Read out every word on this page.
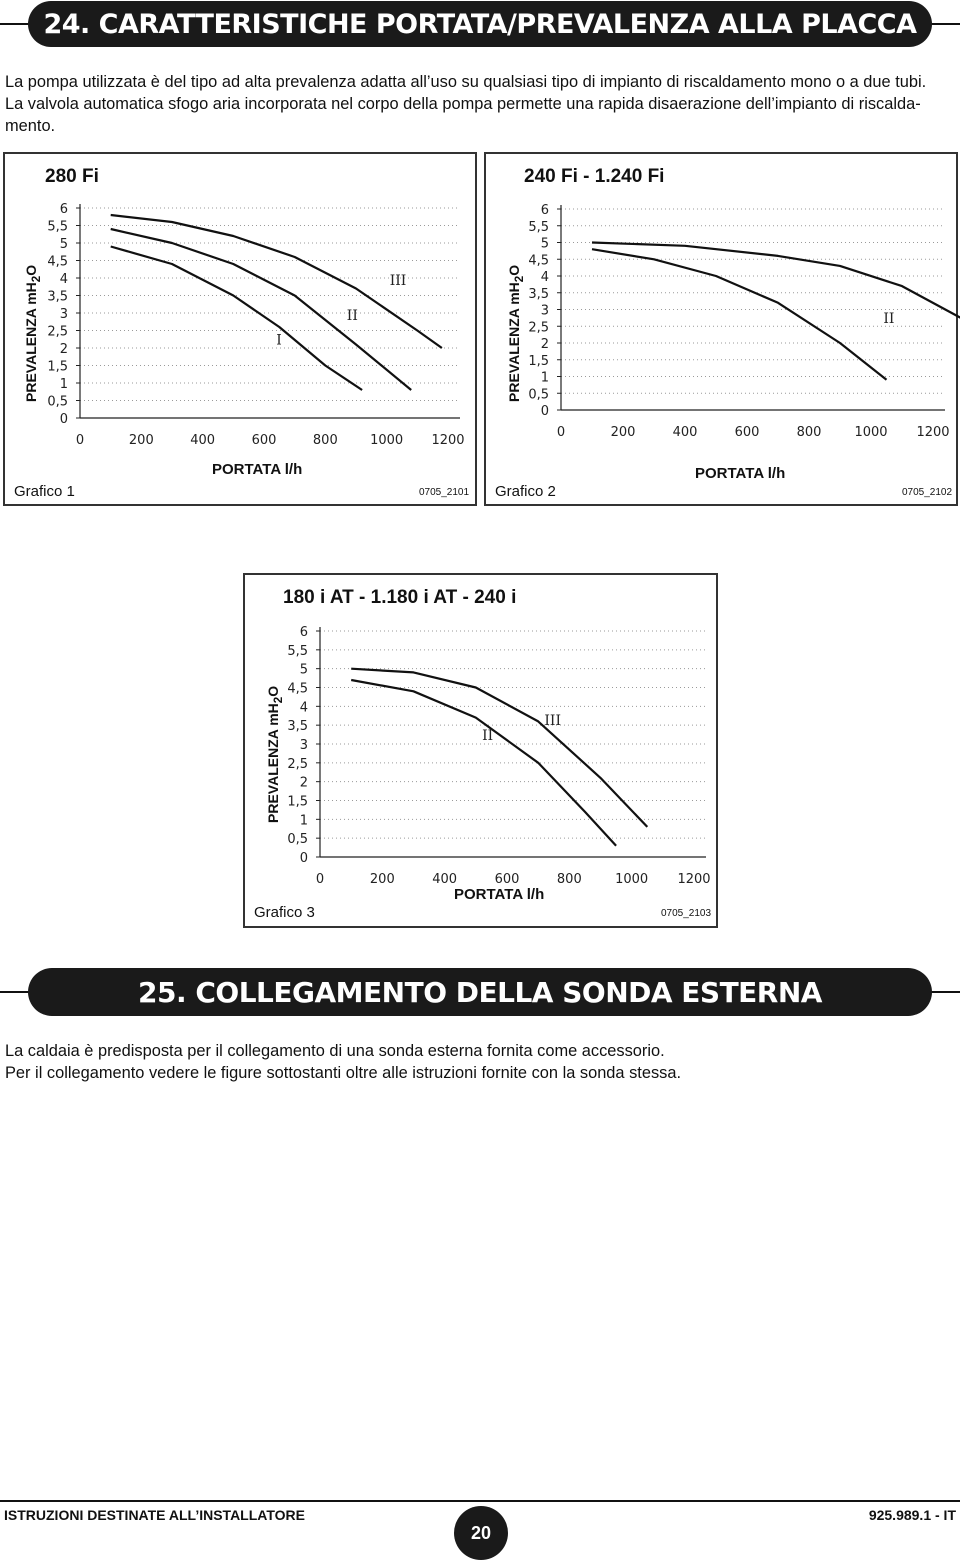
24. CARATTERISTICHE PORTATA/PREVALENZA ALLA PLACCA
La pompa utilizzata è del tipo ad alta prevalenza adatta all’uso su qualsiasi tipo di impianto di riscaldamento mono o a due tubi.
La valvola automatica sfogo aria incorporata nel corpo della pompa permette una rapida disaerazione dell’impianto di riscalda-
mento.
280 Fi
PREVALENZA $mH_2O$
0
0,5
1
1,5
2
2,5
3
3,5
4
4,5
5
5,5
6
0	200	400	600	800 1000 1200
I
II
III
PORTATA l/h
Grafico 1	0705_2101
240 Fi - 1.240 Fi
PREVALENZA $mH_2O$
0
0,5
1
1,5
2
2,5
3
3,5
4
4,5
5
5,5
6
0	200	400	600	800	1000 1200
II
PORTATA l/h
Grafico 2	0705_2102
180 i AT - 1.180 i AT - 240 i
PREVALENZA $mH_2O$
0
0,5
1
1,5
2
2,5
3
3,5
4
4,5
5
5,5
6
0	200	400	600	800	1000 1200
II
III
PORTATA l/h
Grafico 3	0705_2103
25. COLLEGAMENTO DELLA SONDA ESTERNA
La caldaia è predisposta per il collegamento di una sonda esterna fornita come accessorio.
Per il collegamento vedere le figure sottostanti oltre alle istruzioni fornite con la sonda stessa.
ISTRUZIONI DESTINATE ALL’INSTALLATORE
20
925.989.1 - IT
